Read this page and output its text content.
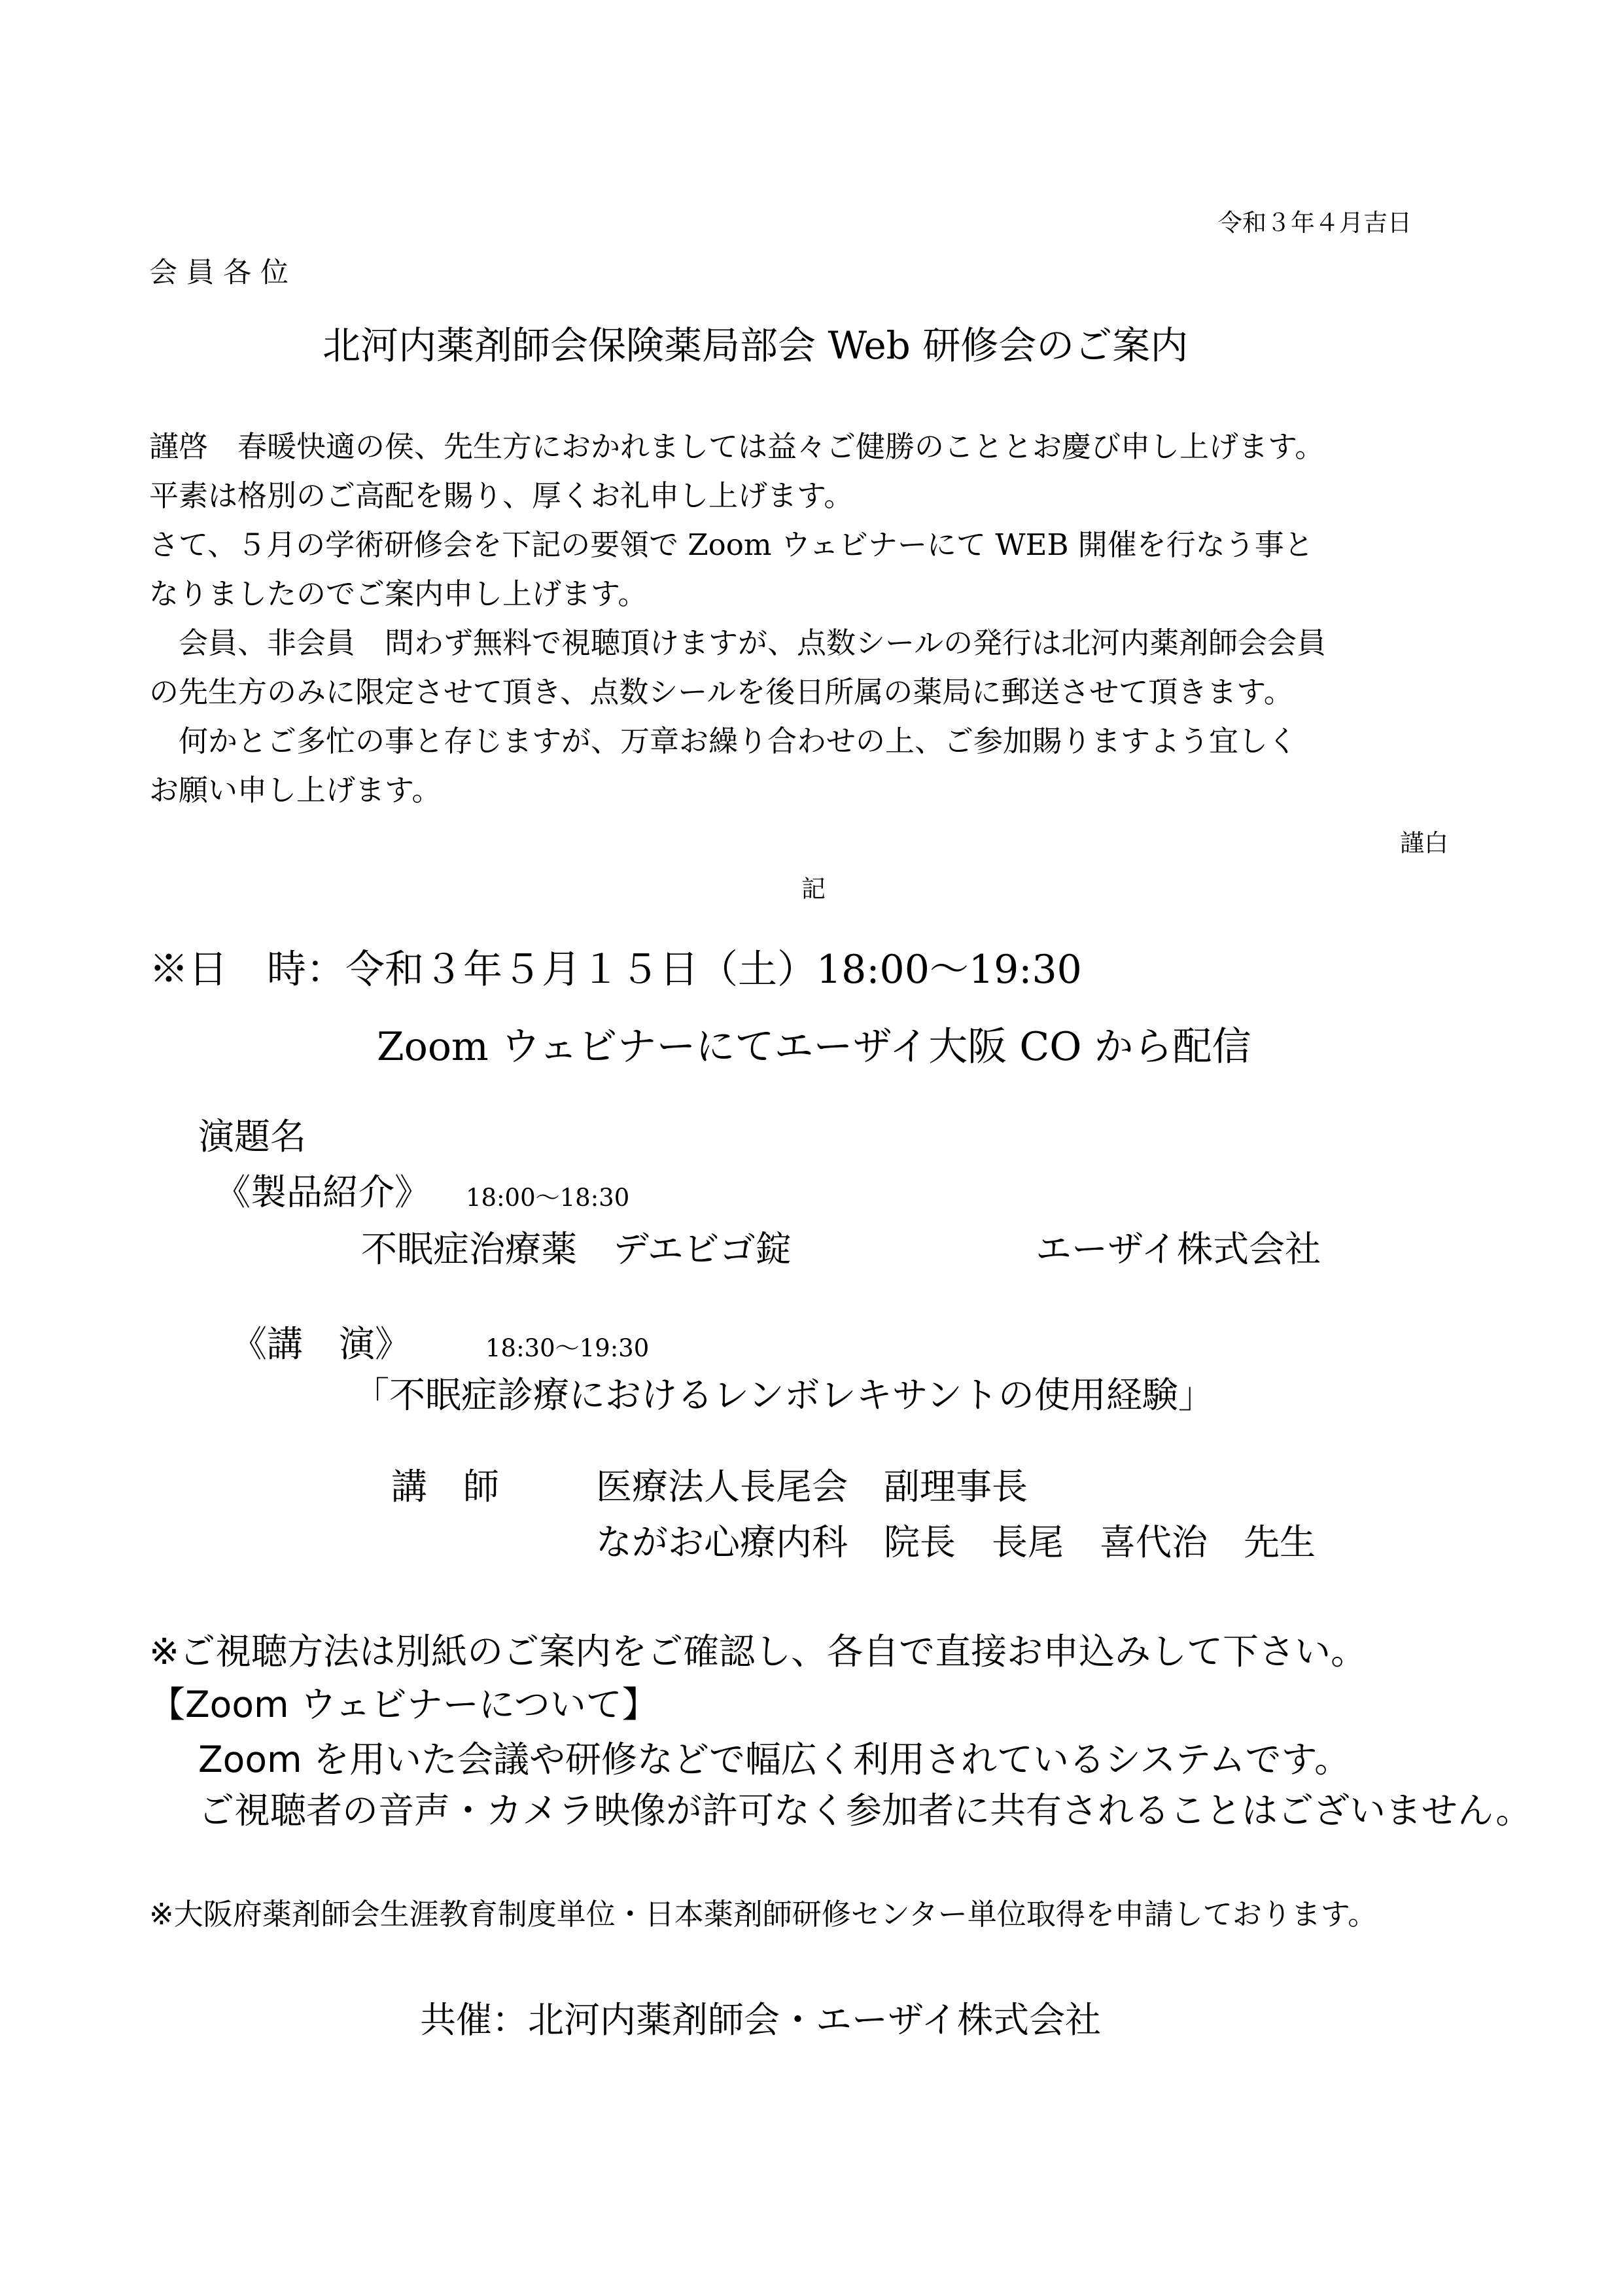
令和３年４月吉日
会 員 各 位
北河内薬剤師会保険薬局部会 Web 研修会のご案内
謹啓　春暖快適の侯、先生方におかれましては益々ご健勝のこととお慶び申し上げます。
平素は格別のご高配を賜り、厚くお礼申し上げます。
さて、５月の学術研修会を下記の要領で Zoom ウェビナーにて WEB 開催を行なう事と
なりましたのでご案内申し上げます。
　会員、非会員　問わず無料で視聴頂けますが、点数シールの発行は北河内薬剤師会会員
の先生方のみに限定させて頂き、点数シールを後日所属の薬局に郵送させて頂きます。
　何かとご多忙の事と存じますが、万章お繰り合わせの上、ご参加賜りますよう宜しく
お願い申し上げます。
謹白
記
※日　時：令和３年５月１５日（土）18:00～19:30
Zoom ウェビナーにてエーザイ大阪 CO から配信
演題名
《製品紹介》 18:00～18:30
不眠症治療薬　デエビゴ錠	エーザイ株式会社
《講　演》	18:30～19:30
「不眠症診療におけるレンボレキサントの使用経験」
講　師	医療法人長尾会　副理事長
ながお心療内科　院長　長尾　喜代治　先生
※ご視聴方法は別紙のご案内をご確認し、各自で直接お申込みして下さい。
【Zoom ウェビナーについて】
Zoom を用いた会議や研修などで幅広く利用されているシステムです。
ご視聴者の音声・カメラ映像が許可なく参加者に共有されることはございません。
※大阪府薬剤師会生涯教育制度単位・日本薬剤師研修センター単位取得を申請しております。
共催：北河内薬剤師会・エーザイ株式会社
